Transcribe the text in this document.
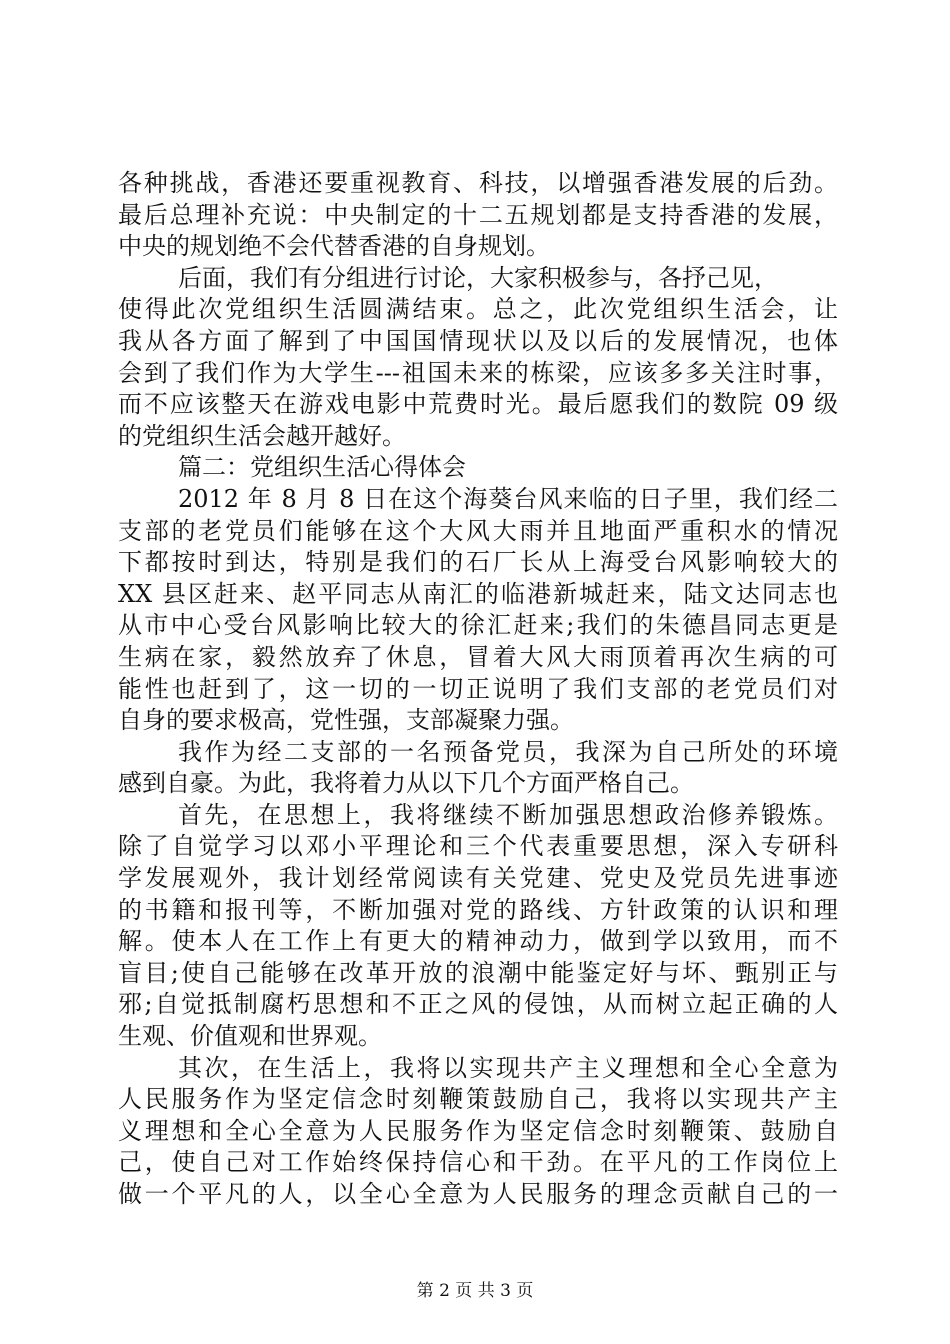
各种挑战，香港还要重视教育、科技，以增强香港发展的后劲。
最后总理补充说：中央制定的十二五规划都是支持香港的发展，
中央的规划绝不会代替香港的自身规划。
后面，我们有分组进行讨论，大家积极参与，各抒己见，
使得此次党组织生活圆满结束。总之，此次党组织生活会，让
我从各方面了解到了中国国情现状以及以后的发展情况，也体
会到了我们作为大学生---祖国未来的栋梁，应该多多关注时事，
而不应该整天在游戏电影中荒费时光。最后愿我们的数院 09 级
的党组织生活会越开越好。
篇二：党组织生活心得体会
2012 年 8 月 8 日在这个海葵台风来临的日子里，我们经二
支部的老党员们能够在这个大风大雨并且地面严重积水的情况
下都按时到达，特别是我们的石厂长从上海受台风影响较大的
XX 县区赶来、赵平同志从南汇的临港新城赶来，陆文达同志也
从市中心受台风影响比较大的徐汇赶来;我们的朱德昌同志更是
生病在家，毅然放弃了休息，冒着大风大雨顶着再次生病的可
能性也赶到了，这一切的一切正说明了我们支部的老党员们对
自身的要求极高，党性强，支部凝聚力强。
我作为经二支部的一名预备党员，我深为自己所处的环境
感到自豪。为此，我将着力从以下几个方面严格自己。
首先，在思想上，我将继续不断加强思想政治修养锻炼。
除了自觉学习以邓小平理论和三个代表重要思想，深入专研科
学发展观外，我计划经常阅读有关党建、党史及党员先进事迹
的书籍和报刊等，不断加强对党的路线、方针政策的认识和理
解。使本人在工作上有更大的精神动力，做到学以致用，而不
盲目;使自己能够在改革开放的浪潮中能鉴定好与坏、甄别正与
邪;自觉抵制腐朽思想和不正之风的侵蚀，从而树立起正确的人
生观、价值观和世界观。
其次，在生活上，我将以实现共产主义理想和全心全意为
人民服务作为坚定信念时刻鞭策鼓励自己，我将以实现共产主
义理想和全心全意为人民服务作为坚定信念时刻鞭策、鼓励自
己，使自己对工作始终保持信心和干劲。在平凡的工作岗位上
做一个平凡的人，以全心全意为人民服务的理念贡献自己的一
第 2 页 共 3 页
